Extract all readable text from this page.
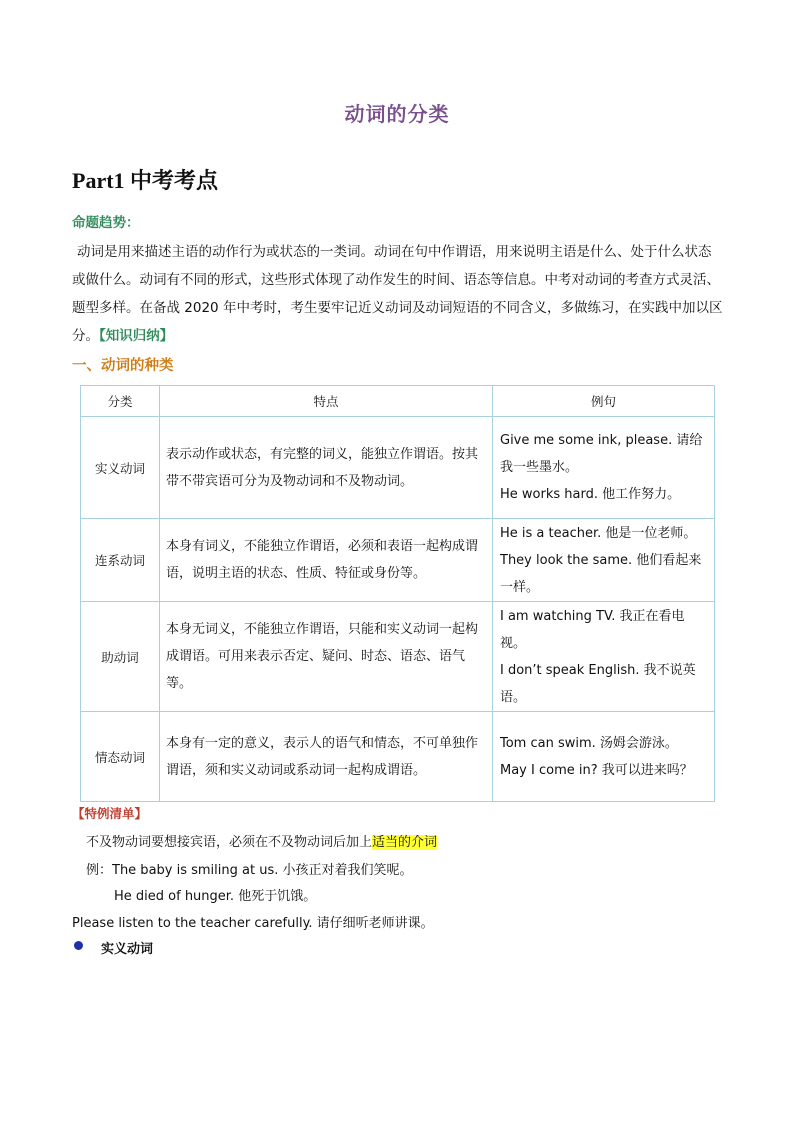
动词的分类
Part1 中考考点
命题趋势：
动词是用来描述主语的动作行为或状态的一类词。动词在句中作谓语，用来说明主语是什么、处于什么状态或做什么。动词有不同的形式，这些形式体现了动作发生的时间、语态等信息。中考对动词的考查方式灵活、题型多样。在备战 2020 年中考时，考生要牢记近义动词及动词短语的不同含义，多做练习，在实践中加以区分。【知识归纳】
一、动词的种类
分类	特点	例句
实义动词	表示动作或状态，有完整的词义，能独立作谓语。按其带不带宾语可分为及物动词和不及物动词。	Give me some ink, please. 请给我一些墨水。
He works hard. 他工作努力。

连系动词	本身有词义，不能独立作谓语，必须和表语一起构成谓语，说明主语的状态、性质、特征或身份等。	He is a teacher. 他是一位老师。
They look the same. 他们看起来一样。

助动词	本身无词义，不能独立作谓语，只能和实义动词一起构成谓语。可用来表示否定、疑问、时态、语态、语气等。	I am watching TV. 我正在看电视。
I don’t speak English. 我不说英语。

情态动词	本身有一定的意义，表示人的语气和情态，不可单独作谓语，须和实义动词或系动词一起构成谓语。	Tom can swim. 汤姆会游泳。
May I come in? 我可以进来吗？
【特例清单】
不及物动词要想接宾语，必须在不及物动词后加上适当的介词
例：The baby is smiling at us. 小孩正对着我们笑呢。
He died of hunger. 他死于饥饿。
Please listen to the teacher carefully. 请仔细听老师讲课。
实义动词
